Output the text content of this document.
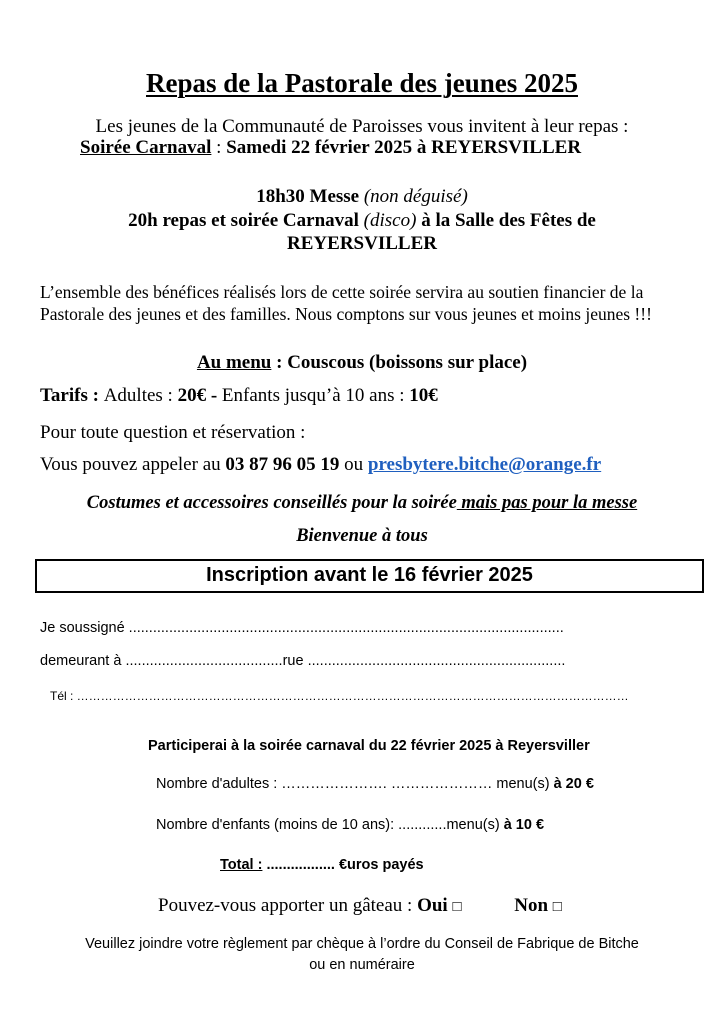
Repas de la Pastorale des jeunes 2025
Les jeunes de la Communauté de Paroisses vous invitent à leur repas :
Soirée Carnaval : Samedi 22 février 2025 à REYERSVILLER
18h30 Messe (non déguisé)
20h repas et soirée Carnaval (disco) à la Salle des Fêtes de
REYERSVILLER
L’ensemble des bénéfices réalisés lors de cette soirée servira au soutien financier de la Pastorale des jeunes et des familles. Nous comptons sur vous jeunes et moins jeunes !!!
Au menu : Couscous (boissons sur place)
Tarifs : Adultes : 20€ - Enfants jusqu’à 10 ans : 10€
Pour toute question et réservation :
Vous pouvez appeler au 03 87 96 05 19 ou presbytere.bitche@orange.fr
Costumes et accessoires conseillés pour la soirée mais pas pour la messe
Bienvenue à tous
Inscription avant le 16 février 2025
Je soussigné ............................................................................................................
demeurant à .......................................rue ................................................................
Tél : …………………………………………………………………………………………………………………………
Participerai à la soirée carnaval du 22 février 2025 à Reyersviller
Nombre d'adultes : …………………. ………………… menu(s) à 20 €
Nombre d'enfants (moins de 10 ans): ............menu(s) à 10 €
Total : ................. €uros payés
Pouvez-vous apporter un gâteau : Oui □	Non □
Veuillez joindre votre règlement par chèque à l’ordre du Conseil de Fabrique de Bitche
ou en numéraire
